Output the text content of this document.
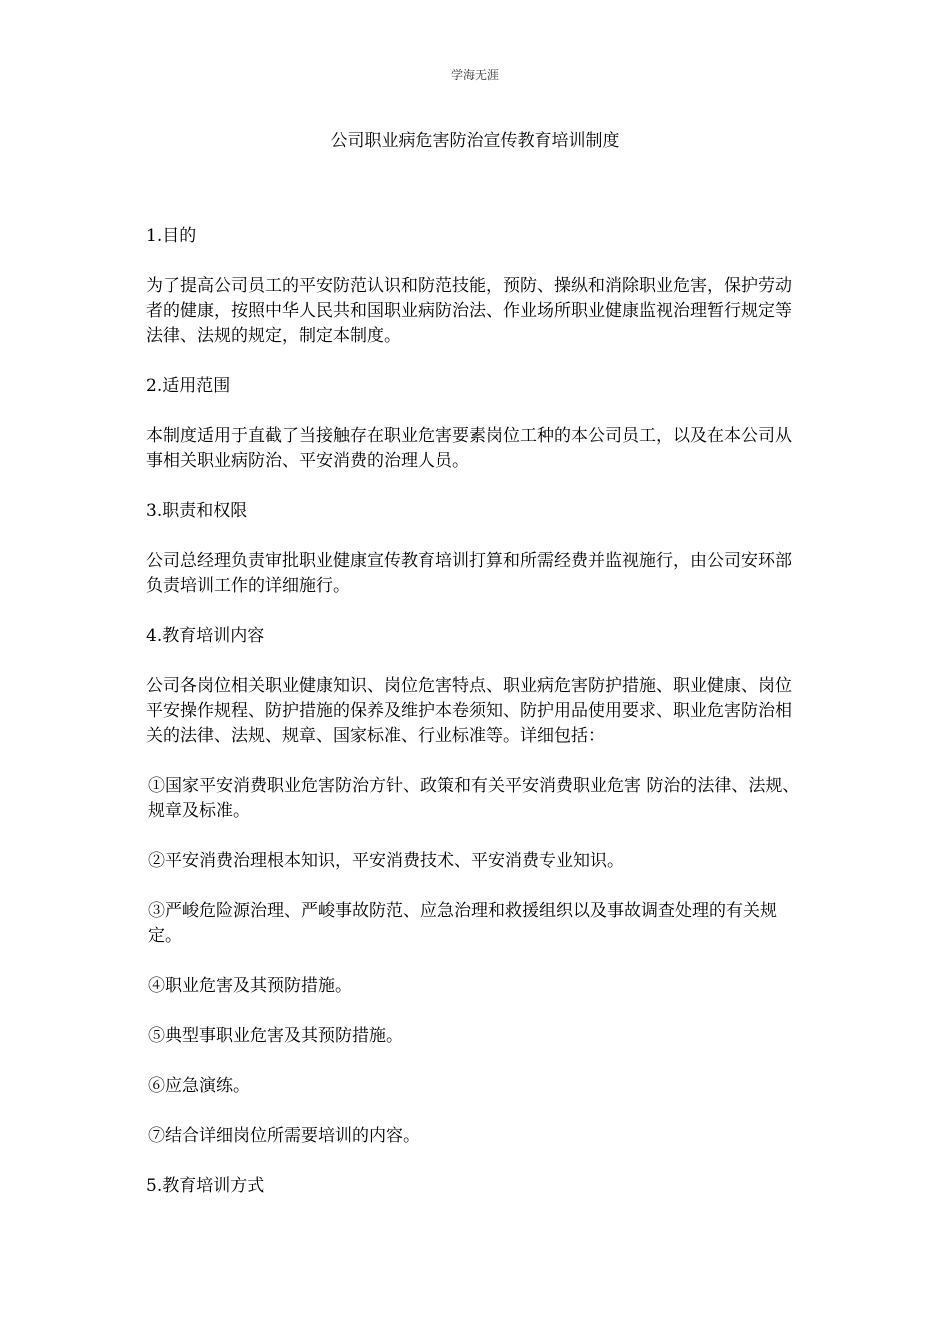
学海无涯
公司职业病危害防治宣传教育培训制度

1.目的

为了提高公司员工的平安防范认识和防范技能，预防、操纵和消除职业危害，保护劳动者的健康，按照中华人民共和国职业病防治法、作业场所职业健康监视治理暂行规定等法律、法规的规定，制定本制度。

2.适用范围

本制度适用于直截了当接触存在职业危害要素岗位工种的本公司员工，以及在本公司从事相关职业病防治、平安消费的治理人员。

3.职责和权限

公司总经理负责审批职业健康宣传教育培训打算和所需经费并监视施行，由公司安环部负责培训工作的详细施行。

4.教育培训内容

公司各岗位相关职业健康知识、岗位危害特点、职业病危害防护措施、职业健康、岗位平安操作规程、防护措施的保养及维护本卷须知、防护用品使用要求、职业危害防治相关的法律、法规、规章、国家标准、行业标准等。详细包括：

①国家平安消费职业危害防治方针、政策和有关平安消费职业危害 防治的法律、法规、规章及标准。

②平安消费治理根本知识，平安消费技术、平安消费专业知识。

③严峻危险源治理、严峻事故防范、应急治理和救援组织以及事故调查处理的有关规定。

④职业危害及其预防措施。

⑤典型事职业危害及其预防措施。

⑥应急演练。

⑦结合详细岗位所需要培训的内容。

5.教育培训方式
